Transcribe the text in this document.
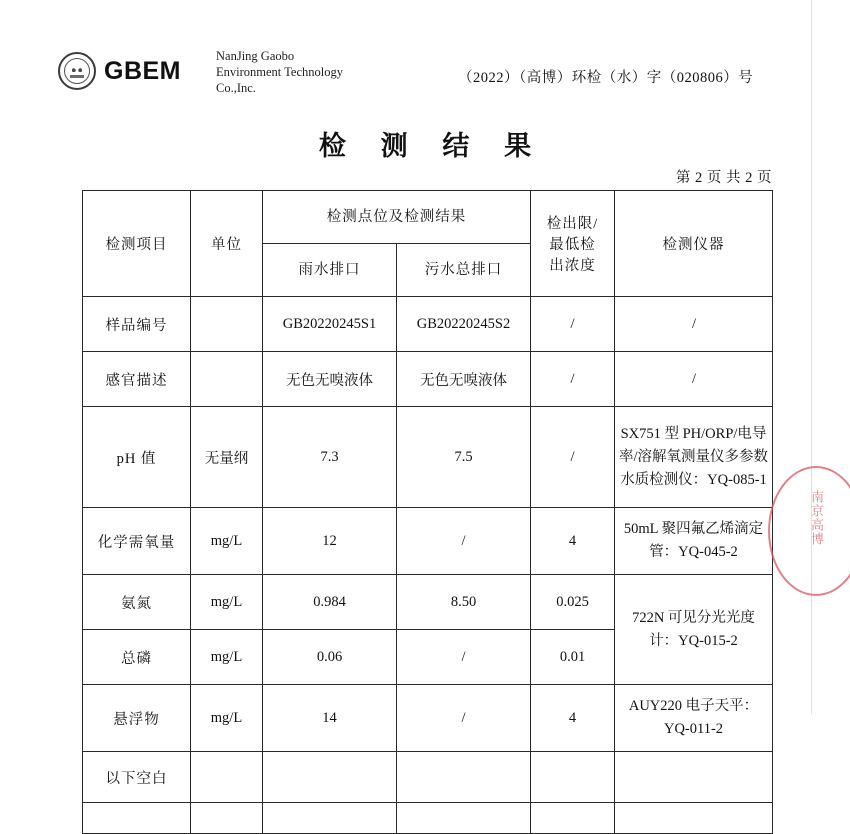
GBEM
NanJing Gaobo
Environment Technology
Co.,Inc.
（2022）（高博）环检（水）字（020806）号
检 测 结 果
第 2 页 共 2 页
检测项目	单位	检测点位及检测结果		检出限/
最低检
出浓度	检测仪器
		雨水排口	污水总排口		
样品编号		GB20220245S1	GB20220245S2	/	/
感官描述		无色无嗅液体	无色无嗅液体	/	/
pH 值	无量纲	7.3	7.5	/	SX751 型 PH/ORP/电导率/溶解氧测量仪多参数水质检测仪：YQ-085-1
化学需氧量	mg/L	12	/	4	50mL 聚四氟乙烯滴定管：YQ-045-2
氨氮	mg/L	0.984	8.50	0.025	722N 可见分光光度计：YQ-015-2
总磷	mg/L	0.06	/	0.01	
悬浮物	mg/L	14	/	4	AUY220 电子天平：YQ-011-2
以下空白					

南京高博
